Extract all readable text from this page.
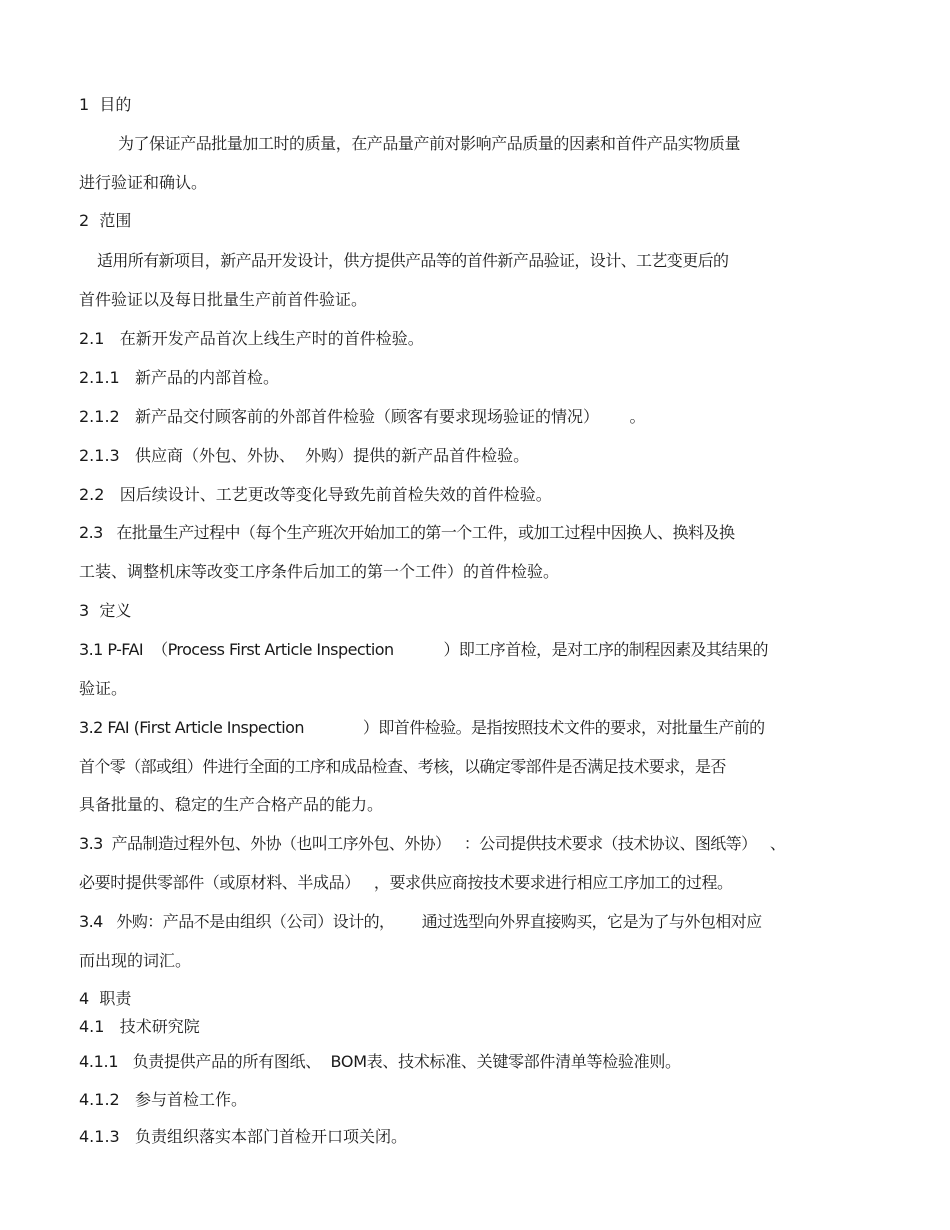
1  目的
为了保证产品批量加工时的质量，在产品量产前对影响产品质量的因素和首件产品实物质量
进行验证和确认。
2  范围
适用所有新项目，新产品开发设计，供方提供产品等的首件新产品验证，设计、工艺变更后的
首件验证以及每日批量生产前首件验证。
2.1   在新开发产品首次上线生产时的首件检验。
2.1.1   新产品的内部首检。
2.1.2   新产品交付顾客前的外部首件检验（顾客有要求现场验证的情况）      。
2.1.3   供应商（外包、外协、  外购）提供的新产品首件检验。
2.2   因后续设计、工艺更改等变化导致先前首检失效的首件检验。
2.3   在批量生产过程中（每个生产班次开始加工的第一个工件，或加工过程中因换人、换料及换
工装、调整机床等改变工序条件后加工的第一个工件）的首件检验。
3  定义
3.1 P-FAI  （Process First Article Inspection           ）即工序首检，是对工序的制程因素及其结果的
验证。
3.2 FAI (First Article Inspection             ）即首件检验。是指按照技术文件的要求，对批量生产前的
首个零（部或组）件进行全面的工序和成品检查、考核，以确定零部件是否满足技术要求，是否
具备批量的、稳定的生产合格产品的能力。
3.3  产品制造过程外包、外协（也叫工序外包、外协）   ：公司提供技术要求（技术协议、图纸等）   、
必要时提供零部件（或原材料、半成品）   ，要求供应商按技术要求进行相应工序加工的过程。
3.4   外购：产品不是由组织（公司）设计的，      通过选型向外界直接购买，它是为了与外包相对应
而出现的词汇。
4  职责
4.1   技术研究院
4.1.1   负责提供产品的所有图纸、  BOM表、技术标准、关键零部件清单等检验准则。
4.1.2   参与首检工作。
4.1.3   负责组织落实本部门首检开口项关闭。
